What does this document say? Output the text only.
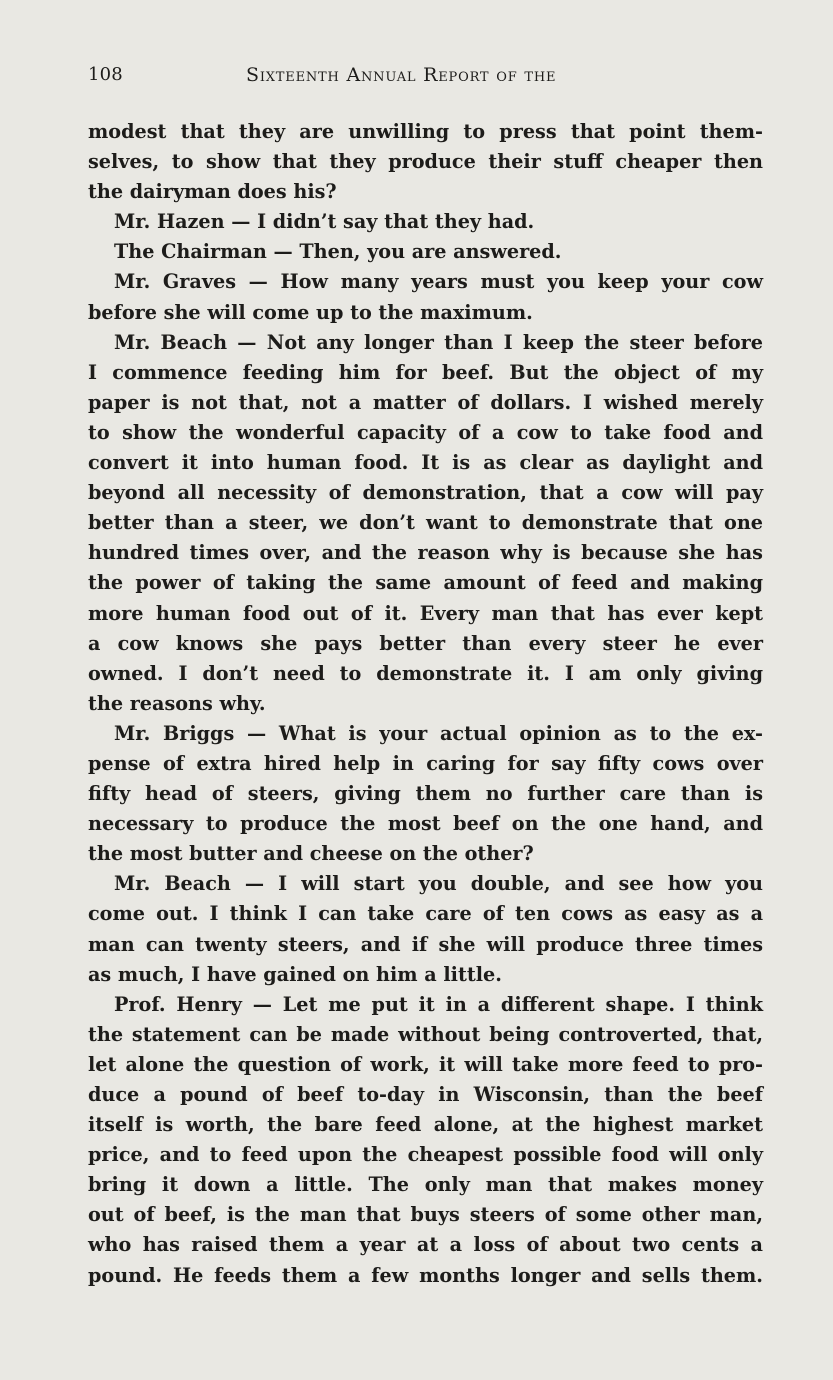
108	Sixteenth Annual Report of the
modest that they are unwilling to press that point them-
selves, to show that they produce their stuff cheaper then
the dairyman does his?
Mr. Hazen — I didn’t say that they had.
The Chairman — Then, you are answered.
Mr. Graves — How many years must you keep your cow
before she will come up to the maximum.
Mr. Beach — Not any longer than I keep the steer before
I commence feeding him for beef. But the object of my
paper is not that, not a matter of dollars. I wished merely
to show the wonderful capacity of a cow to take food and
convert it into human food. It is as clear as daylight and
beyond all necessity of demonstration, that a cow will pay
better than a steer, we don’t want to demonstrate that one
hundred times over, and the reason why is because she has
the power of taking the same amount of feed and making
more human food out of it. Every man that has ever kept
a cow knows she pays better than every steer he ever
owned. I don’t need to demonstrate it. I am only giving
the reasons why.
Mr. Briggs — What is your actual opinion as to the ex-
pense of extra hired help in caring for say fifty cows over
fifty head of steers, giving them no further care than is
necessary to produce the most beef on the one hand, and
the most butter and cheese on the other?
Mr. Beach — I will start you double, and see how you
come out. I think I can take care of ten cows as easy as a
man can twenty steers, and if she will produce three times
as much, I have gained on him a little.
Prof. Henry — Let me put it in a different shape. I think
the statement can be made without being controverted, that,
let alone the question of work, it will take more feed to pro-
duce a pound of beef to-day in Wisconsin, than the beef
itself is worth, the bare feed alone, at the highest market
price, and to feed upon the cheapest possible food will only
bring it down a little. The only man that makes money
out of beef, is the man that buys steers of some other man,
who has raised them a year at a loss of about two cents a
pound. He feeds them a few months longer and sells them.
